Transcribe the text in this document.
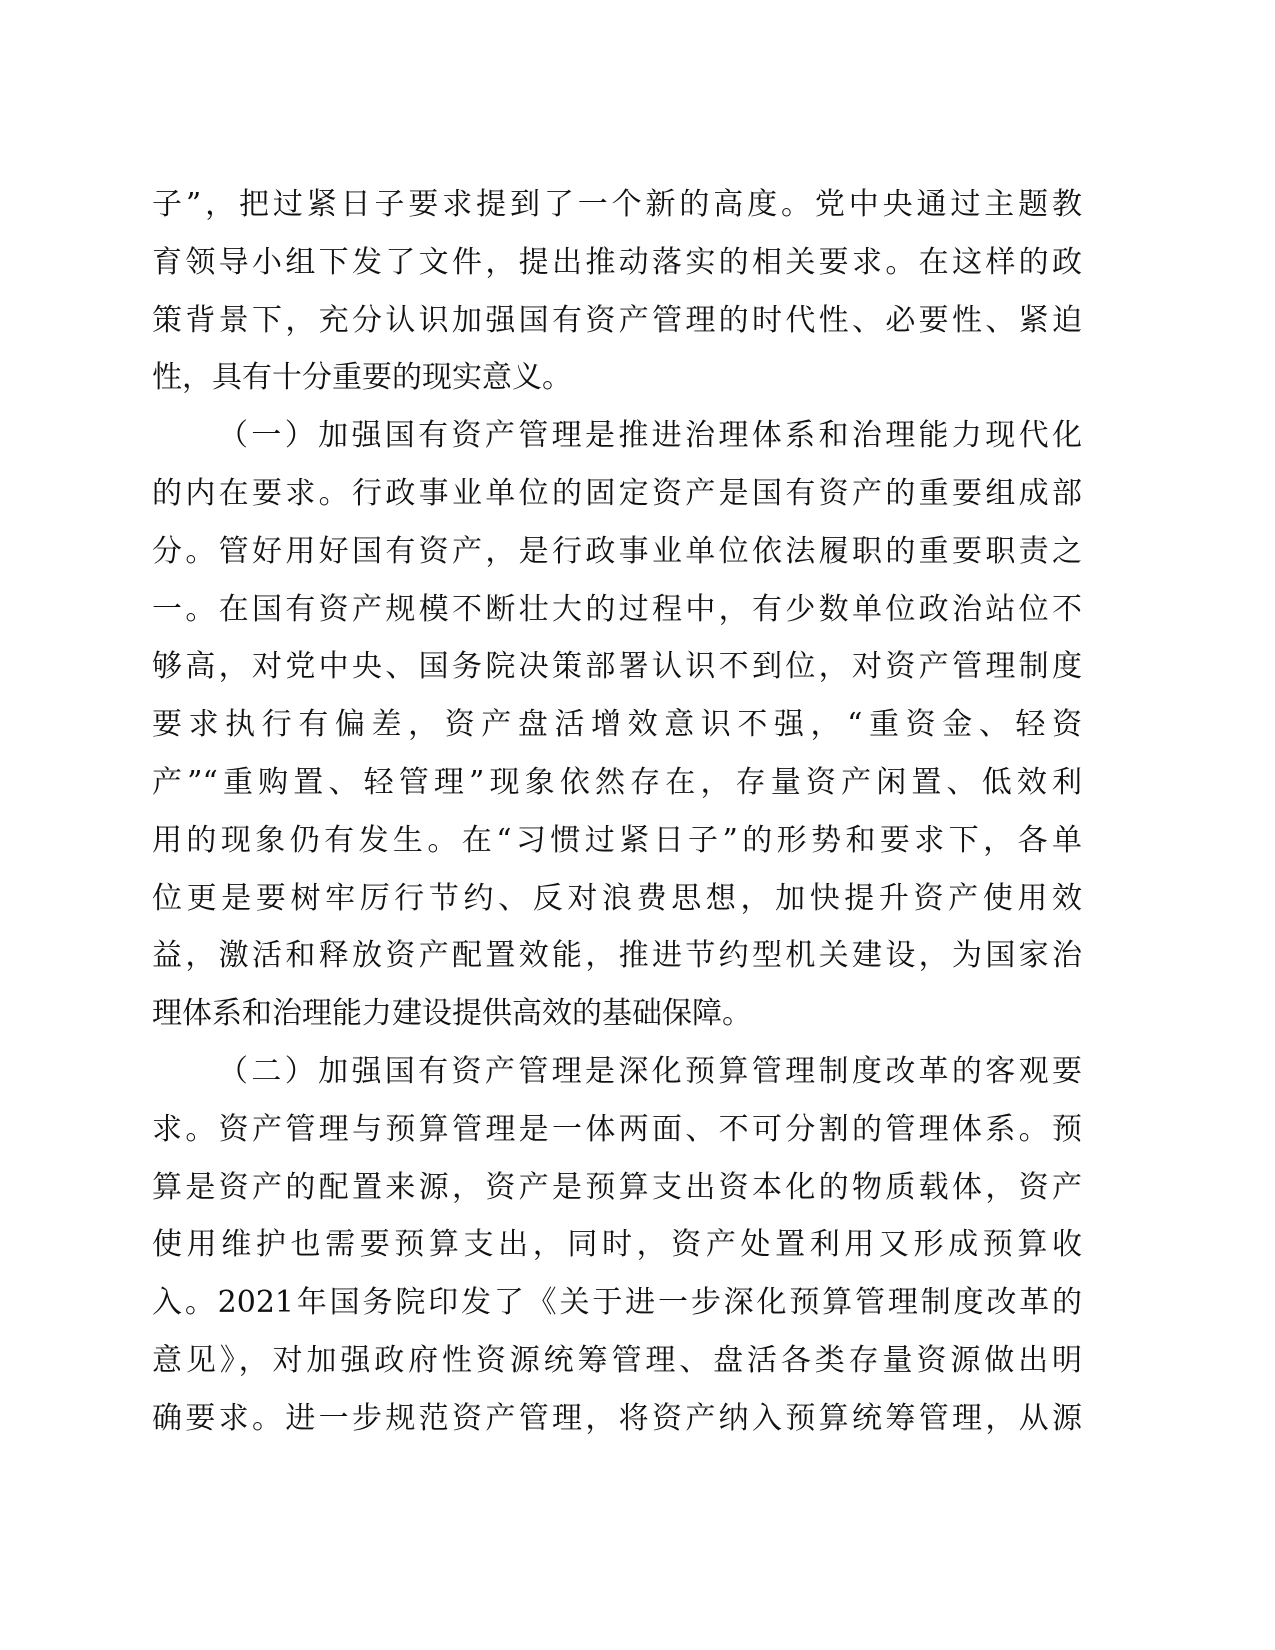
子”，把过紧日子要求提到了一个新的高度。党中央通过主题教
育领导小组下发了文件，提出推动落实的相关要求。在这样的政
策背景下，充分认识加强国有资产管理的时代性、必要性、紧迫
性，具有十分重要的现实意义。
（一）加强国有资产管理是推进治理体系和治理能力现代化
的内在要求。行政事业单位的固定资产是国有资产的重要组成部
分。管好用好国有资产，是行政事业单位依法履职的重要职责之
一。在国有资产规模不断壮大的过程中，有少数单位政治站位不
够高，对党中央、国务院决策部署认识不到位，对资产管理制度
要求执行有偏差，资产盘活增效意识不强，“重资金、轻资
产”“重购置、轻管理”现象依然存在，存量资产闲置、低效利
用的现象仍有发生。在“习惯过紧日子”的形势和要求下，各单
位更是要树牢厉行节约、反对浪费思想，加快提升资产使用效
益，激活和释放资产配置效能，推进节约型机关建设，为国家治
理体系和治理能力建设提供高效的基础保障。
（二）加强国有资产管理是深化预算管理制度改革的客观要
求。资产管理与预算管理是一体两面、不可分割的管理体系。预
算是资产的配置来源，资产是预算支出资本化的物质载体，资产
使用维护也需要预算支出，同时，资产处置利用又形成预算收
入。2021年国务院印发了《关于进一步深化预算管理制度改革的
意见》，对加强政府性资源统筹管理、盘活各类存量资源做出明
确要求。进一步规范资产管理，将资产纳入预算统筹管理，从源
